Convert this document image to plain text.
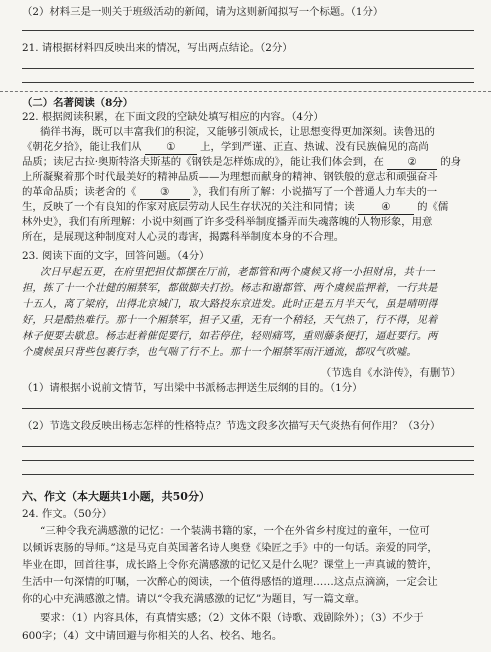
（2）材料三是一则关于班级活动的新闻，请为这则新闻拟写一个标题。（1分）
21. 请根据材料四反映出来的情况，写出两点结论。（2分）
（二）名著阅读（8分）
22. 根据阅读积累，在下面文段的空缺处填写相应的内容。（4分）
徜徉书海，既可以丰富我们的积淀，又能够引领成长，让思想变得更加深刻。读鲁迅的
《朝花夕拾》，能让我们从 ① 上，学到严谨、正直、热诚、没有民族偏见的高尚
品质；读尼古拉·奥斯特洛夫斯基的《钢铁是怎样炼成的》，能让我们体会到，在 ② 的身
上所凝聚着那个时代最美好的精神品质——为理想而献身的精神、钢铁般的意志和顽强奋斗
的革命品质；读老舍的《 ③ 》，我们有所了解：小说描写了一个普通人力车夫的一
生，反映了一个有良知的作家对底层劳动人民生存状况的关注和同情；读	④	的《儒
林外史》，我们有所理解：小说中刻画了许多受科举制度播弄而失魂落魄的人物形象，用意
所在，是展现这种制度对人心灵的毒害，揭露科举制度本身的不合理。
23. 阅读下面的文字，回答问题。（4分）
次日早起五更，在府里把担仗都摆在厅前，老都管和两个虞候又将一小担财帛，共十一
担，拣了十一个壮健的厢禁军，都做脚夫打扮。杨志和谢都管、两个虞候监押着，一行共是
十五人，离了梁府，出得北京城门，取大路投东京进发。此时正是五月半天气，虽是晴明得
好，只是酷热难行。那十一个厢禁军，担子又重，无有一个稍轻，天气热了，行不得，见着
林子便要去歇息。杨志赶着催促要行，如若停住，轻则痛骂，重则藤条便打，逼赶要行。两
个虞候虽只背些包裹行李，也气喘了行不上。那十一个厢禁军雨汗通流，都叹气吹嘘。
（节选自《水浒传》，有删节）
（1）请根据小说前文情节，写出梁中书派杨志押送生辰纲的目的。（1分）
（2）节选文段反映出杨志怎样的性格特点？节选文段多次描写天气炎热有何作用？（3分）
六、作文（本大题共1小题，共50分）
24. 作文。（50分）
“三种令我充满感激的记忆：一个装满书籍的家，一个在外省乡村度过的童年，一位可
以倾诉衷肠的导师。”这是马克自英国著名诗人奥登《染匠之手》中的一句话。亲爱的同学，
毕业在即，回首往事，成长路上令你充满感激的记忆又是什么呢？课堂上一声真诚的赞许，
生活中一句深情的叮嘱，一次醉心的阅读，一个值得感悟的道理……这点点滴滴，一定会让
你的心中充满感激之情。请以“令我充满感激的记忆”为题目，写一篇文章。
要求：（1）内容具体，有真情实感；（2）文体不限（诗歌、戏剧除外）；（3）不少于
600字；（4）文中请回避与你相关的人名、校名、地名。
